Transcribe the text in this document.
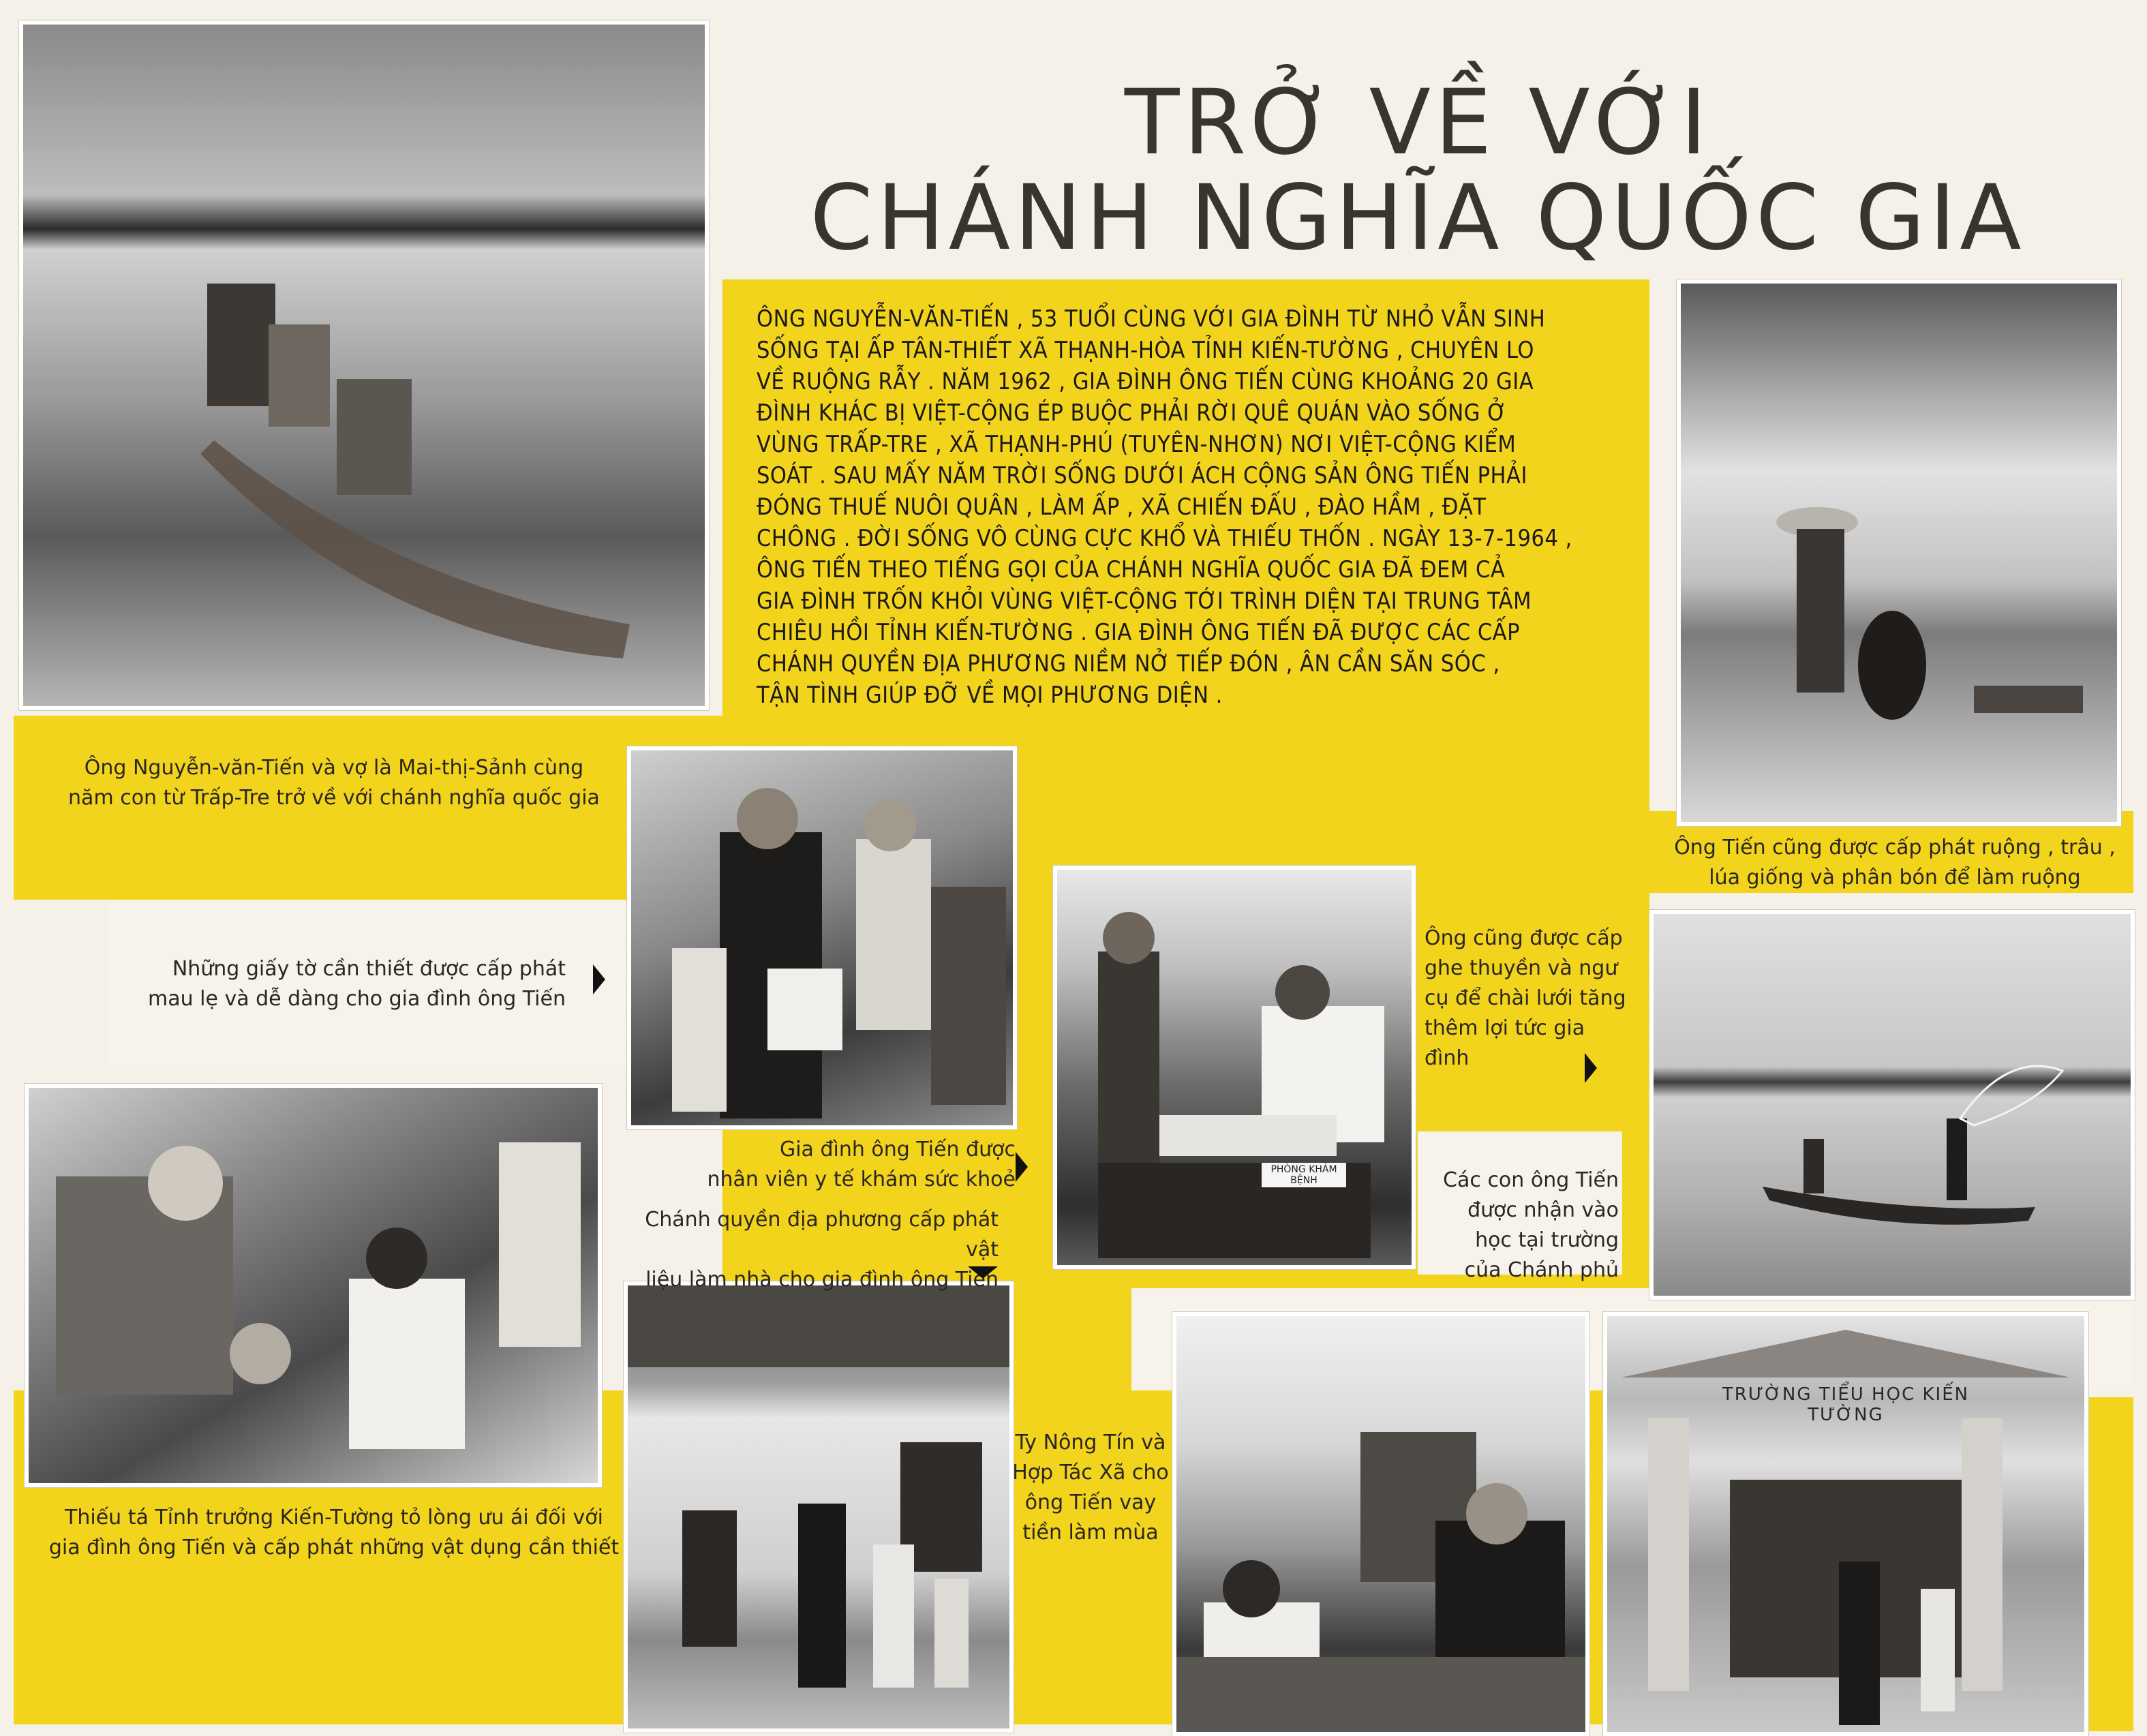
TRỞ VỀ VỚI
CHÁNH NGHĨA QUỐC GIA
ÔNG NGUYỄN-VĂN-TIẾN , 53 TUỔI CÙNG VỚI GIA ĐÌNH TỪ NHỎ VẪN SINH
SỐNG TẠI ẤP TÂN-THIẾT XÃ THẠNH-HÒA TỈNH KIẾN-TƯỜNG , CHUYÊN LO
VỀ RUỘNG RẪY . NĂM 1962 , GIA ĐÌNH ÔNG TIẾN CÙNG KHOẢNG 20 GIA
ĐÌNH KHÁC BỊ VIỆT-CỘNG ÉP BUỘC PHẢI RỜI QUÊ QUÁN VÀO SỐNG Ở
VÙNG TRẤP-TRE , XÃ THẠNH-PHÚ (TUYÊN-NHƠN) NƠI VIỆT-CỘNG KIỂM
SOÁT . SAU MẤY NĂM TRỜI SỐNG DƯỚI ÁCH CỘNG SẢN ÔNG TIẾN PHẢI
ĐÓNG THUẾ NUÔI QUÂN , LÀM ẤP , XÃ CHIẾN ĐẤU , ĐÀO HẦM , ĐẶT
CHÔNG . ĐỜI SỐNG VÔ CÙNG CỰC KHỔ VÀ THIẾU THỐN . NGÀY 13-7-1964 ,
ÔNG TIẾN THEO TIẾNG GỌI CỦA CHÁNH NGHĨA QUỐC GIA ĐÃ ĐEM CẢ
GIA ĐÌNH TRỐN KHỎI VÙNG VIỆT-CỘNG TỚI TRÌNH DIỆN TẠI TRUNG TÂM
CHIÊU HỒI TỈNH KIẾN-TƯỜNG . GIA ĐÌNH ÔNG TIẾN ĐÃ ĐƯỢC CÁC CẤP
CHÁNH QUYỀN ĐỊA PHƯƠNG NIỀM NỞ TIẾP ĐÓN , ÂN CẦN SĂN SÓC ,
TẬN TÌNH GIÚP ĐỠ VỀ MỌI PHƯƠNG DIỆN .
PHÒNG KHÁM BỆNH
TRƯỜNG TIỂU HỌC KIẾN TƯỜNG
Ông Nguyễn-văn-Tiến và vợ là Mai-thị-Sảnh cùng
năm con từ Trấp-Tre trở về với chánh nghĩa quốc gia
Những giấy tờ cần thiết được cấp phát
mau lẹ và dễ dàng cho gia đình ông Tiến
Gia đình ông Tiến được
nhân viên y tế khám sức khoẻ
Chánh quyền địa phương cấp phát vật
liệu làm nhà cho gia đình ông Tiến
Ông Tiến cũng được cấp phát ruộng , trâu ,
lúa giống và phân bón để làm ruộng
Ông cũng được cấp
ghe thuyền và ngư
cụ để chài lưới tăng
thêm lợi tức gia đình
Các con ông Tiến
được nhận vào
học tại trường
của Chánh phủ
Thiếu tá Tỉnh trưởng Kiến-Tường tỏ lòng ưu ái đối với
gia đình ông Tiến và cấp phát những vật dụng cần thiết
Ty Nông Tín và
Hợp Tác Xã cho
ông Tiến vay
tiền làm mùa
